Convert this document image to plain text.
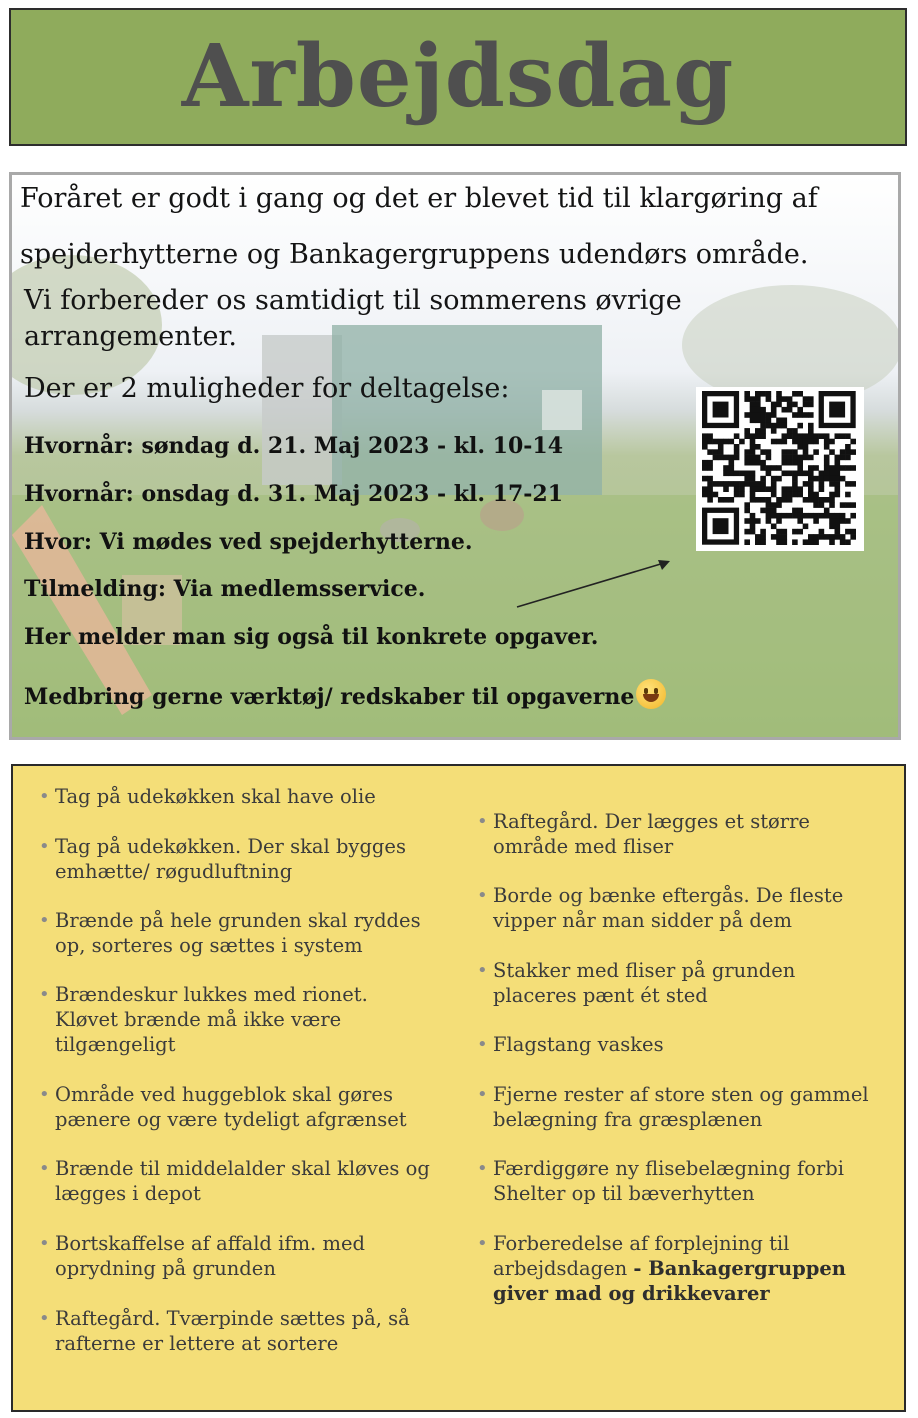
Arbejdsdag
Foråret er godt i gang og det er blevet tid til klargøring af
spejderhytterne og Bankagergruppens udendørs område.
Vi forbereder os samtidigt til sommerens øvrige
arrangementer.
Der er 2 muligheder for deltagelse:
Hvornår: søndag d. 21. Maj 2023 - kl. 10-14
Hvornår: onsdag d. 31. Maj 2023 - kl. 17-21
Hvor: Vi mødes ved spejderhytterne.
Tilmelding: Via medlemsservice.
Her melder man sig også til konkrete opgaver.
Medbring gerne værktøj/ redskaber til opgaverne
• Tag på udekøkken skal have olie
• Tag på udekøkken. Der skal bygges
emhætte/ røgudluftning
• Brænde på hele grunden skal ryddes
op, sorteres og sættes i system
• Brændeskur lukkes med rionet.
Kløvet brænde må ikke være
tilgængeligt
• Område ved huggeblok skal gøres
pænere og være tydeligt afgrænset
• Brænde til middelalder skal kløves og
lægges i depot
• Bortskaffelse af affald ifm. med
oprydning på grunden
• Raftegård. Tværpinde sættes på, så
rafterne er lettere at sortere
• Raftegård. Der lægges et større
område med fliser
• Borde og bænke eftergås. De fleste
vipper når man sidder på dem
• Stakker med fliser på grunden
placeres pænt ét sted
• Flagstang vaskes
• Fjerne rester af store sten og gammel
belægning fra græsplænen
• Færdiggøre ny flisebelægning forbi
Shelter op til bæverhytten
• Forberedelse af forplejning til
arbejdsdagen - Bankagergruppen
giver mad og drikkevarer
